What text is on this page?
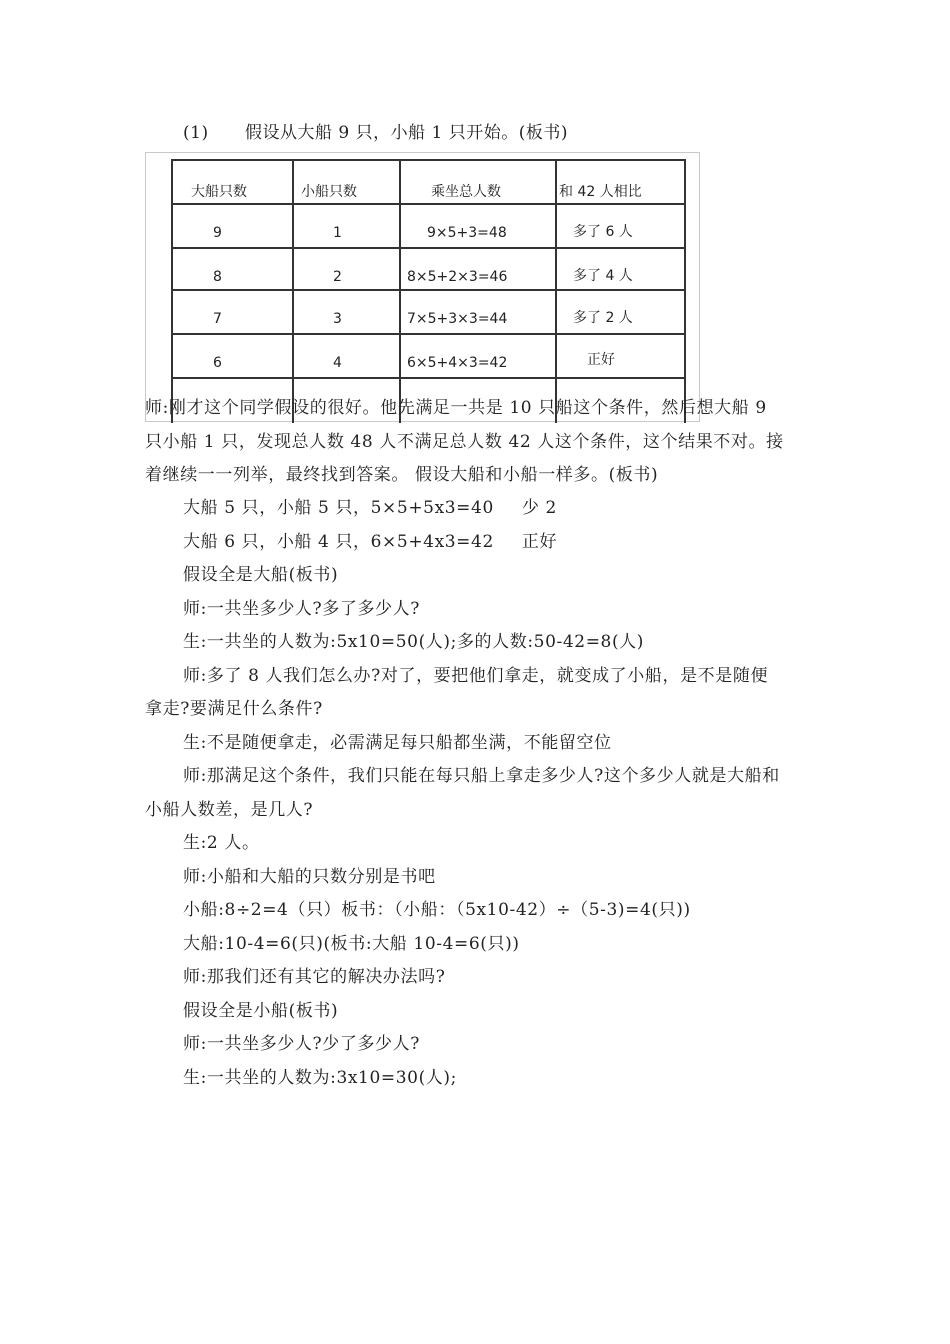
(1) 假设从大船 9 只，小船 1 只开始。(板书)
大船只数	小船只数	乘坐总人数	和 42 人相比
9	1	9×5+3=48	多了 6 人
8	2	8×5+2×3=46	多了 4 人
7	3	7×5+3×3=44	多了 2 人
6	4	6×5+4×3=42	正好
师:刚才这个同学假设的很好。他先满足一共是 10 只船这个条件，然后想大船 9
只小船 1 只，发现总人数 48 人不满足总人数 42 人这个条件，这个结果不对。接
着继续一一列举，最终找到答案。 假设大船和小船一样多。(板书)
大船 5 只，小船 5 只，5×5+5x3=40 少 2
大船 6 只，小船 4 只，6×5+4x3=42 正好
假设全是大船(板书)
师:一共坐多少人?多了多少人?
生:一共坐的人数为:5x10=50(人);多的人数:50-42=8(人)
师:多了 8 人我们怎么办?对了，要把他们拿走，就变成了小船，是不是随便
拿走?要满足什么条件?
生:不是随便拿走，必需满足每只船都坐满，不能留空位
师:那满足这个条件，我们只能在每只船上拿走多少人?这个多少人就是大船和
小船人数差，是几人?
生:2 人。
师:小船和大船的只数分别是书吧
小船:8÷2=4（只）板书：（小船：（5x10-42）÷（5-3)=4(只))
大船:10-4=6(只)(板书:大船 10-4=6(只))
师:那我们还有其它的解决办法吗?
假设全是小船(板书)
师:一共坐多少人?少了多少人?
生:一共坐的人数为:3x10=30(人);
